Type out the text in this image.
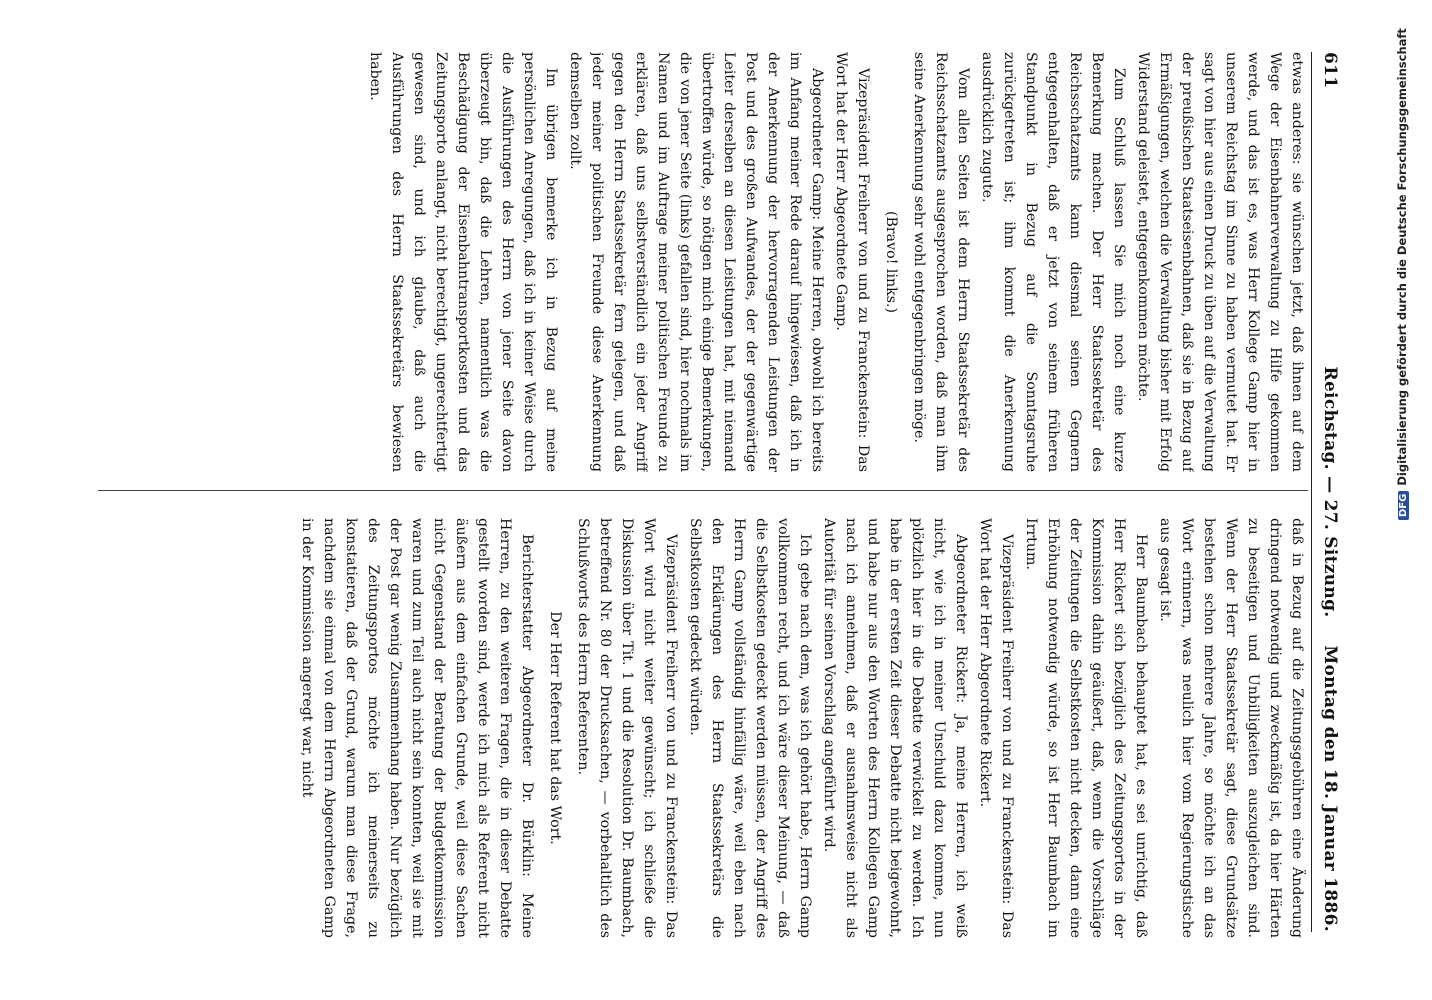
611
Reichstag. — 27. Sitzung.
Montag den 18. Januar 1886.

etwas anderes: sie wünschen jetzt, daß ihnen auf dem Wege der Eisenbahnerverwaltung zu Hilfe gekommen werde, und das ist es, was Herr Kollege Gamp hier in unserem Reichstag im Sinne zu haben vermutet hat. Er sagt von hier aus einen Druck zu üben auf die Verwaltung der preußischen Staatseisenbahnen, daß sie in Bezug auf Ermäßigungen, welchen die Verwaltung bisher mit Erfolg Widerstand geleistet, entgegenkommen möchte.

Zum Schluß lassen Sie mich noch eine kurze Bemerkung machen. Der Herr Staatssekretär des Reichsschatzamts kann diesmal seinen Gegnern entgegenhalten, daß er jetzt von seinem früheren Standpunkt in Bezug auf die Sonntagsruhe zurückgetreten ist; ihm kommt die Anerkennung ausdrücklich zugute.

Vom allen Seiten ist dem Herrn Staatssekretär des Reichsschatzamts ausgesprochen worden, daß man ihm seine Anerkennung sehr wohl entgegenbringen möge.

(Bravo! links.)

Vizepräsident Freiherr von und zu Franckenstein: Das Wort hat der Herr Abgeordnete Gamp.

Abgeordneter Gamp: Meine Herren, obwohl ich bereits im Anfang meiner Rede darauf hingewiesen, daß ich in der Anerkennung der hervorragenden Leistungen der Post und des großen Aufwandes, der der gegenwärtige Leiter derselben an diesen Leistungen hat, mit niemand übertroffen würde, so nötigen mich einige Bemerkungen, die von jener Seite (links) gefallen sind, hier nochmals im Namen und im Auftrage meiner politischen Freunde zu erklären, daß uns selbstverständlich ein jeder Angriff gegen den Herrn Staatssekretär fern gelegen, und daß jeder meiner politischen Freunde diese Anerkennung demselben zollt.

Im übrigen bemerke ich in Bezug auf meine persönlichen Anregungen, daß ich in keiner Weise durch die Ausführungen des Herrn von jener Seite davon überzeugt bin, daß die Lehren, namentlich was die Beschädigung der Eisenbahntransportkosten und das Zeitungsporto anlangt, nicht berechtigt, ungerechtfertigt gewesen sind, und ich glaube, daß auch die Ausführungen des Herrn Staatssekretärs bewiesen haben.

daß in Bezug auf die Zeitungsgebühren eine Änderung dringend notwendig und zweckmäßig ist, da hier Härten zu beseitigen und Unbilligkeiten auszugleichen sind. Wenn der Herr Staatssekretär sagt, diese Grundsätze bestehen schon mehrere Jahre, so möchte ich an das Wort erinnern, was neulich hier vom Regierungstische aus gesagt ist.

Herr Baumbach behauptet hat, es sei unrichtig, daß Herr Rickert sich bezüglich des Zeitungsportos in der Kommission dahin geäußert, daß, wenn die Vorschläge der Zeitungen die Selbstkosten nicht decken, dann eine Erhöhung notwendig würde, so ist Herr Baumbach im Irrtum.

Vizepräsident Freiherr von und zu Franckenstein: Das Wort hat der Herr Abgeordnete Rickert.

Abgeordneter Rickert: Ja, meine Herren, ich weiß nicht, wie ich in meiner Unschuld dazu komme, nun plötzlich hier in die Debatte verwickelt zu werden. Ich habe in der ersten Zeit dieser Debatte nicht beigewohnt, und habe nur aus den Worten des Herrn Kollegen Gamp nach ich annehmen, daß er ausnahmsweise nicht als Autorität für seinen Vorschlag angeführt wird.

Ich gebe nach dem, was ich gehört habe, Herrn Gamp vollkommen recht, und ich wäre dieser Meinung, — daß die Selbstkosten gedeckt werden müssen, der Angriff des Herrn Gamp vollständig hinfällig wäre, weil eben nach den Erklärungen des Herrn Staatssekretärs die Selbstkosten gedeckt würden.

Vizepräsident Freiherr von und zu Franckenstein: Das Wort wird nicht weiter gewünscht; ich schließe die Diskussion über Tit. 1 und die Resolution Dr. Baumbach, betreffend Nr. 80 der Drucksachen, — vorbehaltlich des Schlußworts des Herrn Referenten.

Der Herr Referent hat das Wort.

Berichterstatter Abgeordneter Dr. Bürklin: Meine Herren, zu den weiteren Fragen, die in dieser Debatte gestellt worden sind, werde ich mich als Referent nicht äußern aus dem einfachen Grunde, weil diese Sachen nicht Gegenstand der Beratung der Budgetkommission waren und zum Teil auch nicht sein konnten, weil sie mit der Post gar wenig Zusammenhang haben. Nur bezüglich des Zeitungsportos möchte ich meinerseits zu konstatieren, daß der Grund, warum man diese Frage, nachdem sie einmal von dem Herrn Abgeordneten Gamp in der Kommission angeregt war, nicht

DFGDigitalisierung gefördert durch die Deutsche Forschungsgemeinschaft
